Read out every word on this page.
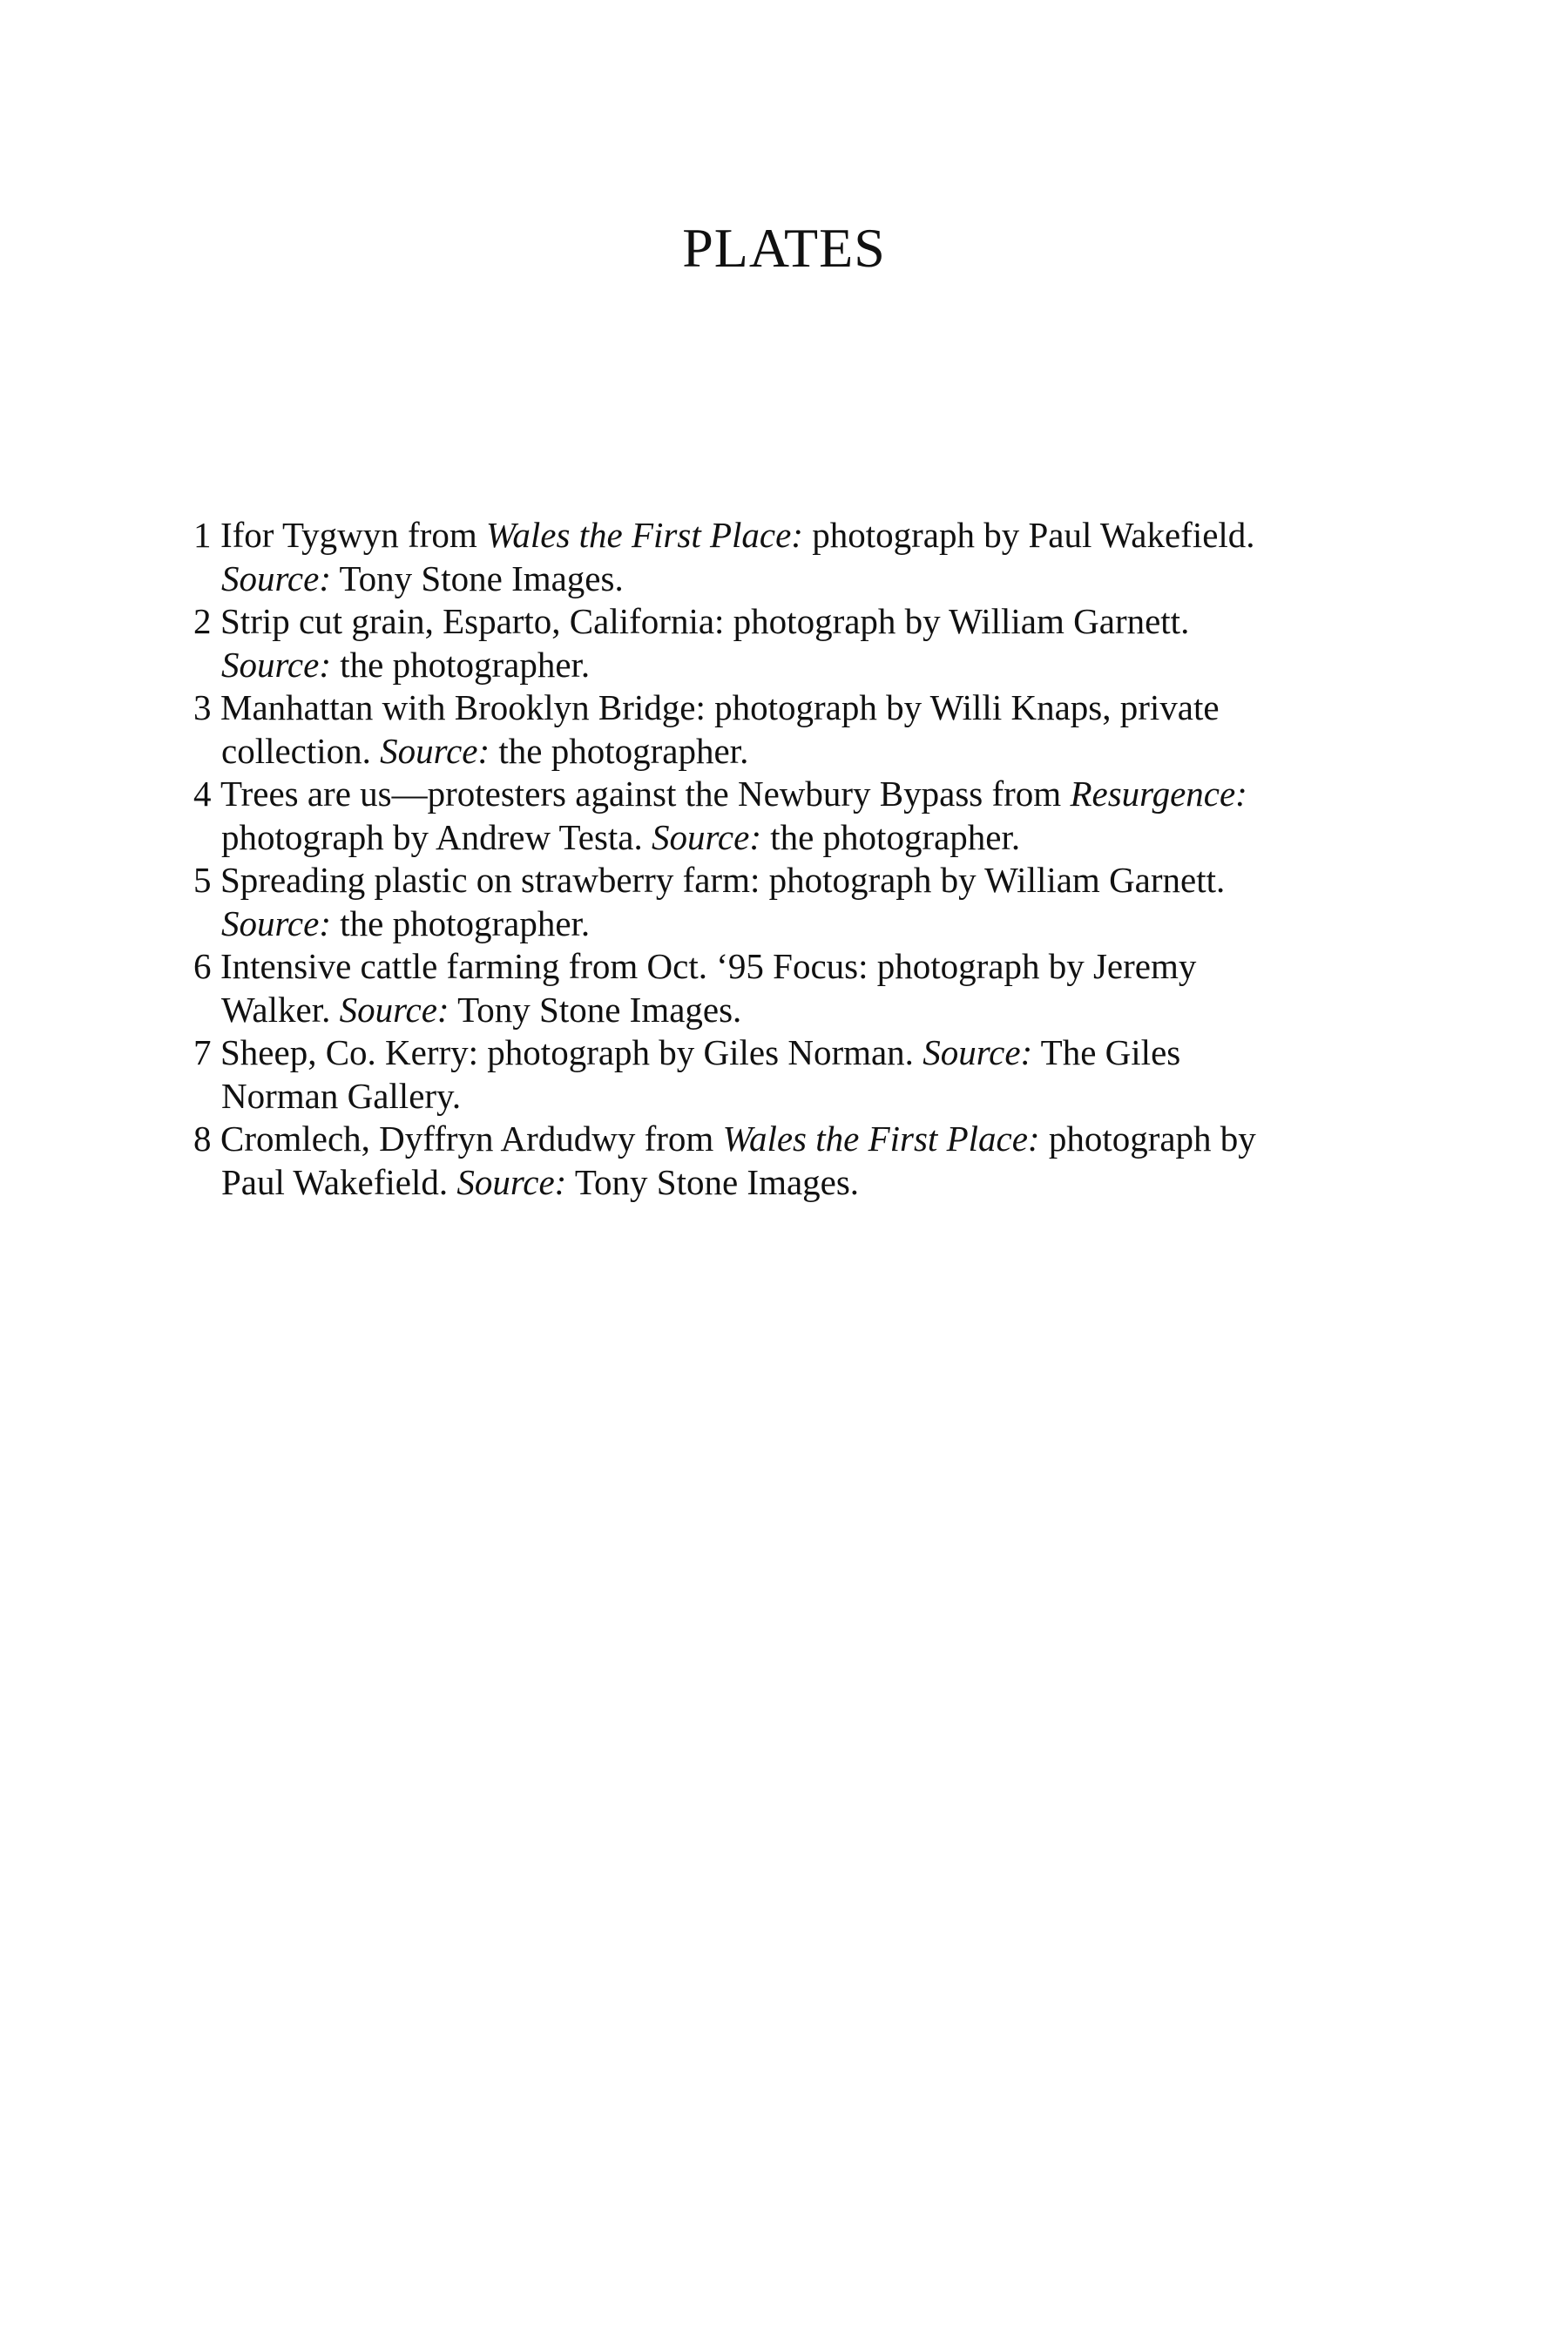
PLATES
1 Ifor Tygwyn from Wales the First Place: photograph by Paul Wakefield.
Source: Tony Stone Images.
2 Strip cut grain, Esparto, California: photograph by William Garnett.
Source: the photographer.
3 Manhattan with Brooklyn Bridge: photograph by Willi Knaps, private
collection. Source: the photographer.
4 Trees are us—protesters against the Newbury Bypass from Resurgence:
photograph by Andrew Testa. Source: the photographer.
5 Spreading plastic on strawberry farm: photograph by William Garnett.
Source: the photographer.
6 Intensive cattle farming from Oct. ‘95 Focus: photograph by Jeremy
Walker. Source: Tony Stone Images.
7 Sheep, Co. Kerry: photograph by Giles Norman. Source: The Giles
Norman Gallery.
8 Cromlech, Dyffryn Ardudwy from Wales the First Place: photograph by
Paul Wakefield. Source: Tony Stone Images.
